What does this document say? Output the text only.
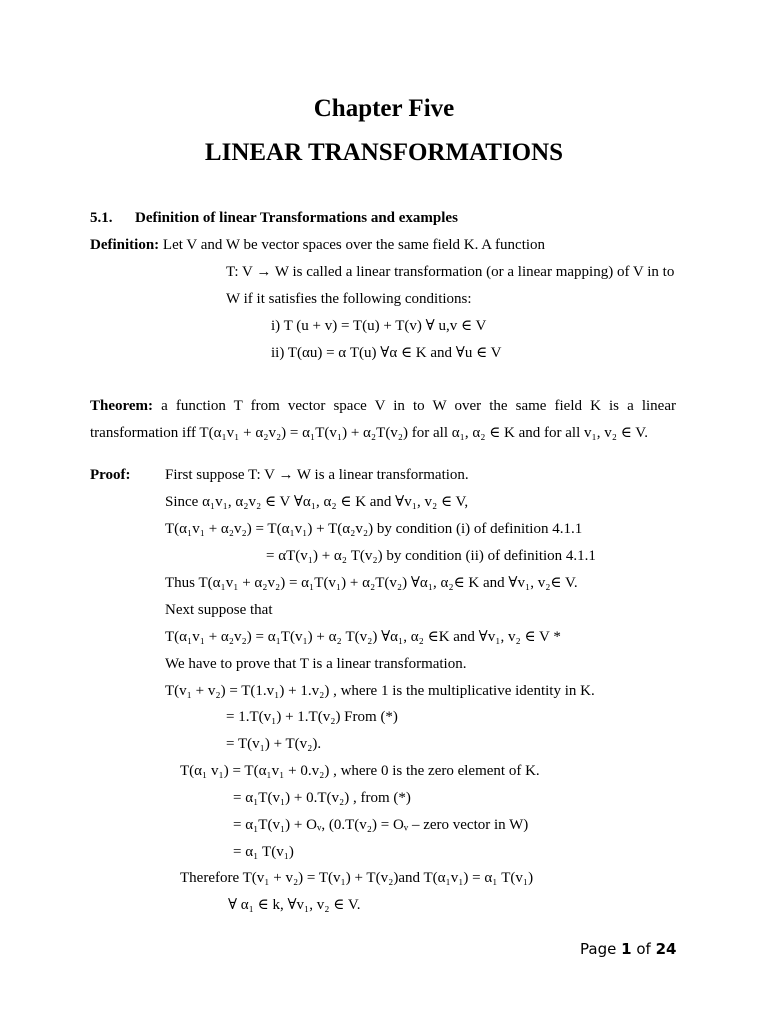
Chapter Five
LINEAR TRANSFORMATIONS
5.1. Definition of linear Transformations and examples
Definition: Let V and W be vector spaces over the same field K. A function
T: V → W is called a linear transformation (or a linear mapping) of V in to
W if it satisfies the following conditions:
i) T (u + v) = T(u) + T(v) ∀ u,v ∈ V
ii) T(αu) = α T(u) ∀α ∈ K and ∀u ∈ V
Theorem: a function T from vector space V in to W over the same field K is a linear
transformation iff T(α₁v₁ + α₂v₂) = α₁T(v₁) + α₂T(v₂) for all α₁, α₂ ∈ K and for all v₁, v₂ ∈ V.
Proof: First suppose T: V → W is a linear transformation.
Since α₁v₁, α₂v₂ ∈ V ∀α₁, α₂ ∈ K and ∀v₁, v₂ ∈ V,
T(α₁v₁ + α₂v₂) = T(α₁v₁) + T(α₂v₂) by condition (i) of definition 4.1.1
= αT(v₁) + α₂ T(v₂) by condition (ii) of definition 4.1.1
Thus T(α₁v₁ + α₂v₂) = α₁T(v₁) + α₂T(v₂) ∀α₁, α₂∈ K and ∀v₁, v₂∈ V.
Next suppose that
T(α₁v₁ + α₂v₂) = α₁T(v₁) + α₂ T(v₂) ∀α₁, α₂ ∈K and ∀v₁, v₂ ∈ V *
We have to prove that T is a linear transformation.
T(v₁ + v₂) = T(1.v₁) + 1.v₂) , where 1 is the multiplicative identity in K.
= 1.T(v₁) + 1.T(v₂) From (*)
= T(v₁) + T(v₂).
T(α₁ v₁) = T(α₁v₁ + 0.v₂) , where 0 is the zero element of K.
= α₁T(v₁) + 0.T(v₂) , from (*)
= α₁T(v₁) + Oᵥ, (0.T(v₂) = Oᵥ – zero vector in W)
= α₁ T(v₁)
Therefore T(v₁ + v₂) = T(v₁) + T(v₂)and T(α₁v₁) = α₁ T(v₁)
∀ α₁ ∈ k, ∀v₁, v₂ ∈ V.
Page 1 of 24
